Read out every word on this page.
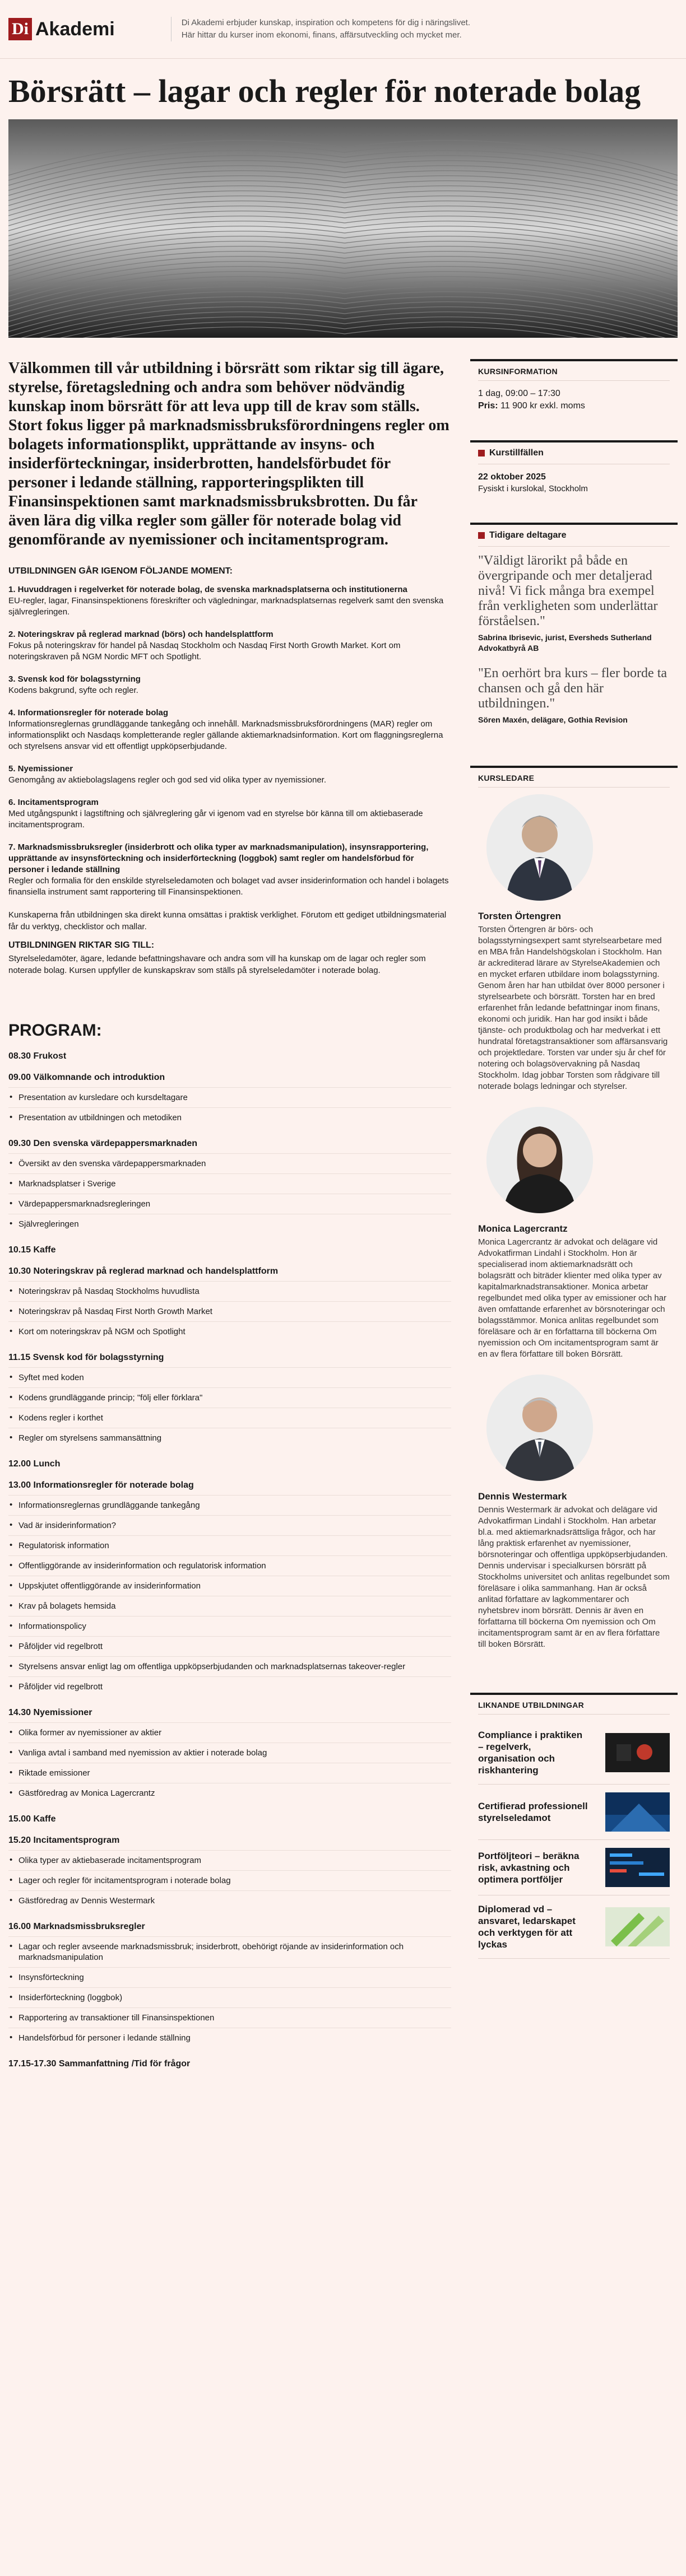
Di Akademi	Di Akademi erbjuder kunskap, inspiration och kompetens för dig i näringslivet.
Här hittar du kurser inom ekonomi, finans, affärsutveckling och mycket mer.
Börsrätt – lagar och regler för noterade bolag

Välkommen till vår utbildning i börsrätt som riktar sig till ägare, styrelse, företagsledning och andra som behöver nödvändig kunskap inom börsrätt för att leva upp till de krav som ställs. Stort fokus ligger på marknadsmissbruksförordningens regler om bolagets informationsplikt, upprättande av insyns- och insiderförteckningar, insiderbrotten, handelsförbudet för personer i ledande ställning, rapporteringsplikten till Finansinspektionen samt marknadsmissbruksbrotten. Du får även lära dig vilka regler som gäller för noterade bolag vid genomförande av nyemissioner och incitamentsprogram.

UTBILDNINGEN GÅR IGENOM FÖLJANDE MOMENT:
1. Huvuddragen i regelverket för noterade bolag, de svenska marknadsplatserna och institutionerna
EU-regler, lagar, Finansinspektionens föreskrifter och vägledningar, marknadsplatsernas regelverk samt den svenska självregleringen.
2. Noteringskrav på reglerad marknad (börs) och handelsplattform
Fokus på noteringskrav för handel på Nasdaq Stockholm och Nasdaq First North Growth Market. Kort om noteringskraven på NGM Nordic MFT och Spotlight.
3. Svensk kod för bolagsstyrning
Kodens bakgrund, syfte och regler.
4. Informationsregler för noterade bolag
Informationsreglernas grundläggande tankegång och innehåll. Marknadsmissbruksförordningens (MAR) regler om informationsplikt och Nasdaqs kompletterande regler gällande aktiemarknadsinformation. Kort om flaggningsreglerna och styrelsens ansvar vid ett offentligt uppköpserbjudande.
5. Nyemissioner
Genomgång av aktiebolagslagens regler och god sed vid olika typer av nyemissioner.
6. Incitamentsprogram
Med utgångspunkt i lagstiftning och självreglering går vi igenom vad en styrelse bör känna till om aktiebaserade incitamentsprogram.
7. Marknadsmissbruksregler (insiderbrott och olika typer av marknadsmanipulation), insynsrapportering, upprättande av insynsförteckning och insiderförteckning (loggbok) samt regler om handelsförbud för personer i ledande ställning
Regler och formalia för den enskilde styrelseledamoten och bolaget vad avser insiderinformation och handel i bolagets finansiella instrument samt rapportering till Finansinspektionen.

Kunskaperna från utbildningen ska direkt kunna omsättas i praktisk verklighet. Förutom ett gediget utbildningsmaterial får du verktyg, checklistor och mallar.

UTBILDNINGEN RIKTAR SIG TILL:

Styrelseledamöter, ägare, ledande befattningshavare och andra som vill ha kunskap om de lagar och regler som noterade bolag. Kursen uppfyller de kunskapskrav som ställs på styrelseledamöter i noterade bolag.

PROGRAM:
08.30 Frukost
09.00 Välkomnande och introduktion
• Presentation av kursledare och kursdeltagare
• Presentation av utbildningen och metodiken
09.30 Den svenska värdepappersmarknaden
• Översikt av den svenska värdepappersmarknaden
• Marknadsplatser i Sverige
• Värdepappersmarknadsregleringen
• Självregleringen
10.15 Kaffe
10.30 Noteringskrav på reglerad marknad och handelsplattform
• Noteringskrav på Nasdaq Stockholms huvudlista
• Noteringskrav på Nasdaq First North Growth Market
• Kort om noteringskrav på NGM och Spotlight
11.15 Svensk kod för bolagsstyrning
• Syftet med koden
• Kodens grundläggande princip; "följ eller förklara"
• Kodens regler i korthet
• Regler om styrelsens sammansättning
12.00 Lunch
13.00 Informationsregler för noterade bolag
• Informationsreglernas grundläggande tankegång
• Vad är insiderinformation?
• Regulatorisk information
• Offentliggörande av insiderinformation och regulatorisk information
• Uppskjutet offentliggörande av insiderinformation
• Krav på bolagets hemsida
• Informationspolicy
• Påföljder vid regelbrott
• Styrelsens ansvar enligt lag om offentliga uppköpserbjudanden och marknadsplatsernas takeover-regler
• Påföljder vid regelbrott
14.30 Nyemissioner
• Olika former av nyemissioner av aktier
• Vanliga avtal i samband med nyemission av aktier i noterade bolag
• Riktade emissioner
• Gästföredrag av Monica Lagercrantz
15.00 Kaffe
15.20 Incitamentsprogram
• Olika typer av aktiebaserade incitamentsprogram
• Lager och regler för incitamentsprogram i noterade bolag
• Gästföredrag av Dennis Westermark
16.00 Marknadsmissbruksregler
• Lagar och regler avseende marknadsmissbruk; insiderbrott, obehörigt röjande av insiderinformation och marknadsmanipulation
• Insynsförteckning
• Insiderförteckning (loggbok)
• Rapportering av transaktioner till Finansinspektionen
• Handelsförbud för personer i ledande ställning
17.15-17.30 Sammanfattning /Tid för frågor
KURSINFORMATION
1 dag, 09:00 – 17:30
Pris: 11 900 kr exkl. moms
Kurstillfällen
22 oktober 2025
Fysiskt i kurslokal, Stockholm
Tidigare deltagare
"Väldigt lärorikt på både en övergripande och mer detaljerad nivå! Vi fick många bra exempel från verkligheten som underlättar förståelsen."
Sabrina Ibrisevic, jurist, Eversheds Sutherland Advokatbyrå AB
"En oerhört bra kurs – fler borde ta chansen och gå den här utbildningen."
Sören Maxén, delägare, Gothia Revision
KURSLEDARE
Torsten Örtengren
Torsten Örtengren är börs- och bolagsstyrningsexpert samt styrelsearbetare med en MBA från Handelshögskolan i Stockholm. Han är ackrediterad lärare av StyrelseAkademien och en mycket erfaren utbildare inom bolagsstyrning. Genom åren har han utbildat över 8000 personer i styrelsearbete och börsrätt. Torsten har en bred erfarenhet från ledande befattningar inom finans, ekonomi och juridik. Han har god insikt i både tjänste- och produktbolag och har medverkat i ett hundratal företagstransaktioner som affärsansvarig och projektledare. Torsten var under sju år chef för notering och bolagsövervakning på Nasdaq Stockholm. Idag jobbar Torsten som rådgivare till noterade bolags ledningar och styrelser.
Monica Lagercrantz
Monica Lagercrantz är advokat och delägare vid Advokatfirman Lindahl i Stockholm. Hon är specialiserad inom aktiemarknadsrätt och bolagsrätt och biträder klienter med olika typer av kapitalmarknadstransaktioner. Monica arbetar regelbundet med olika typer av emissioner och har även omfattande erfarenhet av börsnoteringar och bolagsstämmor. Monica anlitas regelbundet som föreläsare och är en författarna till böckerna Om nyemission och Om incitamentsprogram samt är en av flera författare till boken Börsrätt.
Dennis Westermark
Dennis Westermark är advokat och delägare vid Advokatfirman Lindahl i Stockholm. Han arbetar bl.a. med aktiemarknadsrättsliga frågor, och har lång praktisk erfarenhet av nyemissioner, börsnoteringar och offentliga uppköpserbjudanden. Dennis undervisar i specialkursen börsrätt på Stockholms universitet och anlitas regelbundet som föreläsare i olika sammanhang. Han är också anlitad författare av lagkommentarer och nyhetsbrev inom börsrätt. Dennis är även en författarna till böckerna Om nyemission och Om incitamentsprogram samt är en av flera författare till boken Börsrätt.
LIKNANDE UTBILDNINGAR
Compliance i praktiken – regelverk, organisation och riskhantering
Certifierad professionell styrelseledamot
Portföljteori – beräkna risk, avkastning och optimera portföljer
Diplomerad vd – ansvaret, ledarskapet och verktygen för att lyckas
